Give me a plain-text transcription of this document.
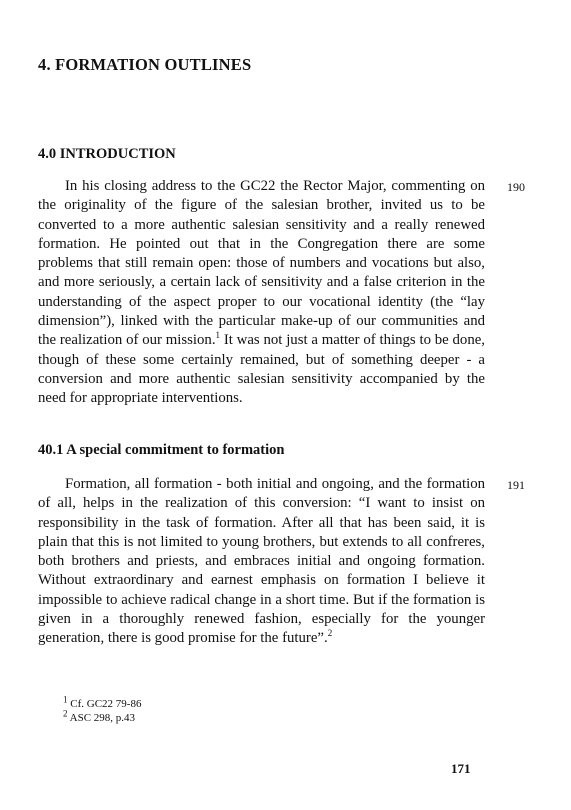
4. FORMATION OUTLINES
4.0 INTRODUCTION
190

In his closing address to the GC22 the Rector Major, commenting on the originality of the figure of the salesian brother, invited us to be converted to a more authentic salesian sensitivity and a really renewed formation. He pointed out that in the Congregation there are some problems that still remain open: those of numbers and vocations but also, and more seriously, a certain lack of sensitivity and a false criterion in the understanding of the aspect proper to our vocational identity (the “lay dimension”), linked with the particular make-up of our communities and the realization of our mission.$^1$ It was not just a matter of things to be done, though of these some certainly remained, but of something deeper - a conversion and more authentic salesian sensitivity accompanied by the need for appropriate interventions.

40.1 A special commitment to formation
191

Formation, all formation - both initial and ongoing, and the formation of all, helps in the realization of this conversion: “I want to insist on responsibility in the task of formation. After all that has been said, it is plain that this is not limited to young brothers, but extends to all confreres, both brothers and priests, and embraces initial and ongoing formation. Without extraordinary and earnest emphasis on formation I believe it impossible to achieve radical change in a short time. But if the formation is given in a thoroughly renewed fashion, especially for the younger generation, there is good promise for the future”.$^2$

$^1$ Cf. GC22 79-86
$^2$ ASC 298, p.43
171
